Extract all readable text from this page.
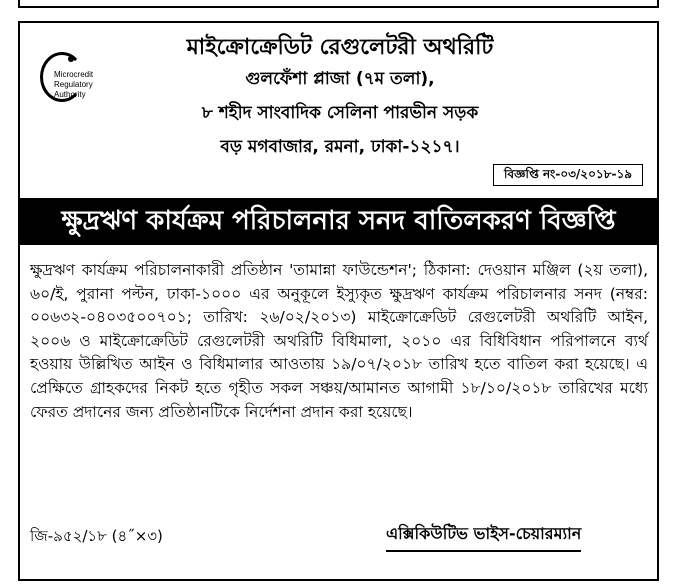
Microcredit
Regulatory
Authority
মাইক্রোক্রেডিট রেগুলেটরী অথরিটি
গুলফেঁশা প্লাজা (৭ম তলা),
৮ শহীদ সাংবাদিক সেলিনা পারভীন সড়ক
বড় মগবাজার, রমনা, ঢাকা-১২১৭।
বিজ্ঞপ্তি নং-০৩/২০১৮-১৯
ক্ষুদ্রঋণ কার্যক্রম পরিচালনার সনদ বাতিলকরণ বিজ্ঞপ্তি
ক্ষুদ্রঋণ কার্যক্রম পরিচালনাকারী প্রতিষ্ঠান 'তামান্না ফাউন্ডেশন'; ঠিকানা: দেওয়ান মঞ্জিল (২য় তলা), ৬০/ই, পুরানা পল্টন, ঢাকা-১০০০ এর অনুকূলে ইস্যুকৃত ক্ষুদ্রঋণ কার্যক্রম পরিচালনার সনদ (নম্বর: ০০৬৩২-০৪০৩৫০০৭০১; তারিখ: ২৬/০২/২০১৩) মাইক্রোক্রেডিট রেগুলেটরী অথরিটি আইন, ২০০৬ ও মাইক্রোক্রেডিট রেগুলেটরী অথরিটি বিধিমালা, ২০১০ এর বিধিবিধান পরিপালনে ব্যর্থ হওয়ায় উল্লিখিত আইন ও বিধিমালার আওতায় ১৯/০৭/২০১৮ তারিখ হতে বাতিল করা হয়েছে। এ প্রেক্ষিতে গ্রাহকদের নিকট হতে গৃহীত সকল সঞ্চয়/আমানত আগামী ১৮/১০/২০১৮ তারিখের মধ্যে ফেরত প্রদানের জন্য প্রতিষ্ঠানটিকে নির্দেশনা প্রদান করা হয়েছে।
জি-৯৫২/১৮ (৪˝×৩)	এক্সিকিউটিভ ভাইস-চেয়ারম্যান
